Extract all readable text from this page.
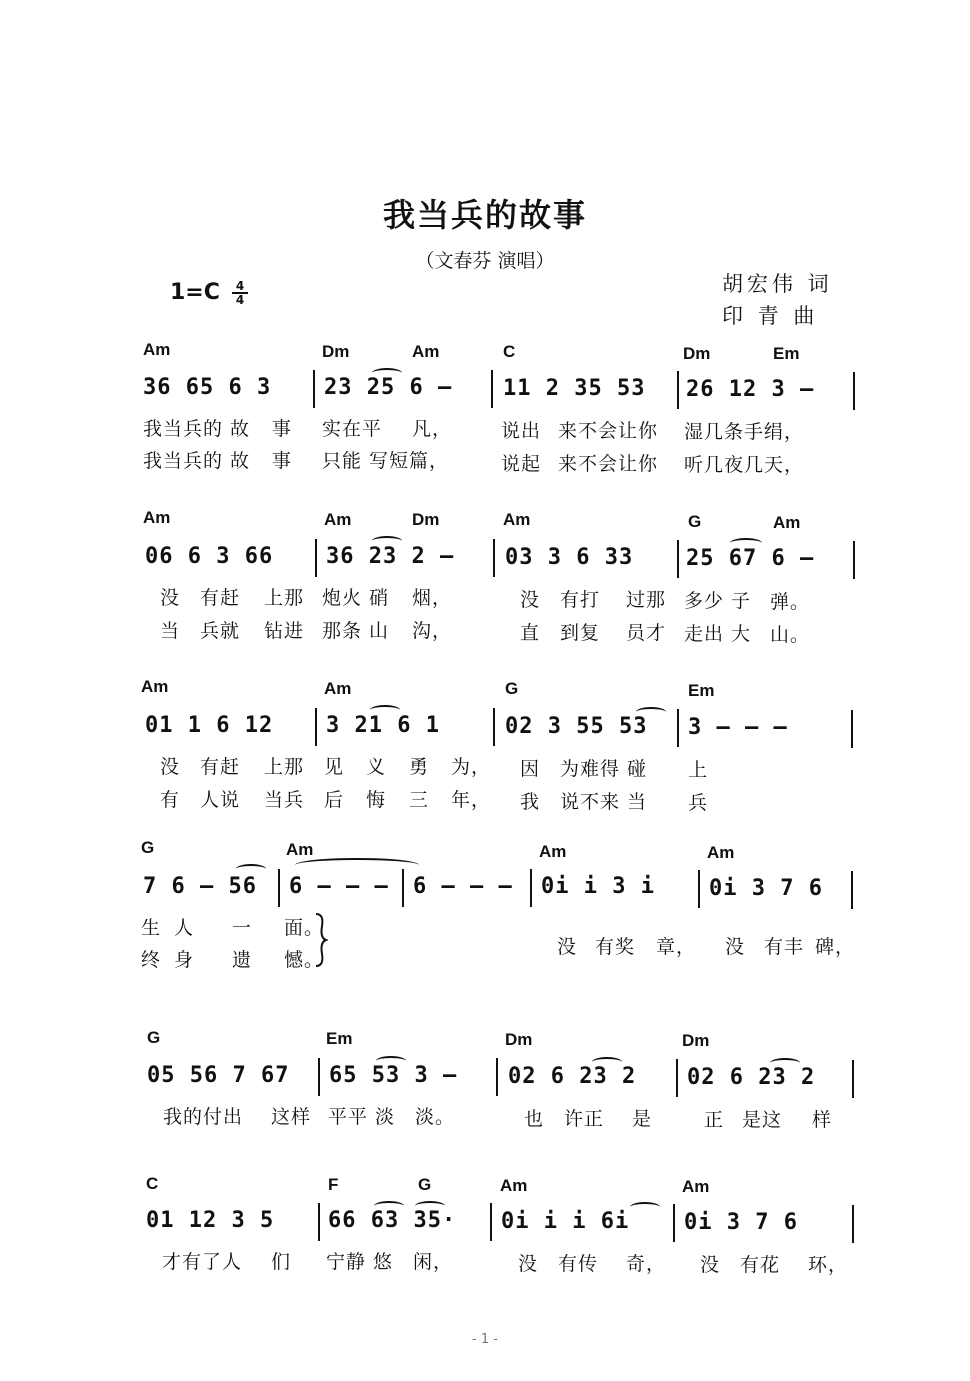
我当兵的故事
（文春芬 演唱）
1=C	4
4
胡宏伟 词
印 青 曲
Am	Dm	Am	C	Dm	Em
36 65 6 3 23 25 6 – 11 2 35 53 26 12 3 –
我当兵的 故 事 实在平 凡，	说出 来不会让你 湿几条手绢，
我当兵的 故 事 只能 写短篇，	说起 来不会让你 听几夜几天，
Am	Am	Dm	Am	G	Am
06 6 3 66 36 23 2 – 03 3 6 33 25 67 6 –
没 有赶 上那 炮火 硝 烟，	没 有打 过那 多少 子 弹。
当 兵就 钻进 那条 山 沟，	直 到复 员才 走出 大 山。
Am	Am	G	Em
01 1 6 12 3 21 6 1	02 3 55 53 3 – – –
没 有赶 上那 见 义 勇 为， 因 为难得 碰 上
有 人说 当兵 后 悔 三 年， 我 说不来 当 兵
G	Am	Am	Am
7 6 – 56 6 – – – 6 – – – 0i i 3 i 0i 3 7 6
生 人 一 面。
终 身 遗 憾。
没 有奖 章， 没 有丰 碑，
G	Em	Dm	Dm
05 56 7 67 65 53 3 – 02 6 23 2 02 6 23 2
我的付出 这样 平平 淡 淡。	也 许正 是	正 是这 样
C	F	G	Am	Am
01 12 3 5 66 63 35· 0i i i 6i 0i 3 7 6
才有了人 们 宁静 悠 闲，	没 有传 奇， 没 有花 环，
- 1 -
